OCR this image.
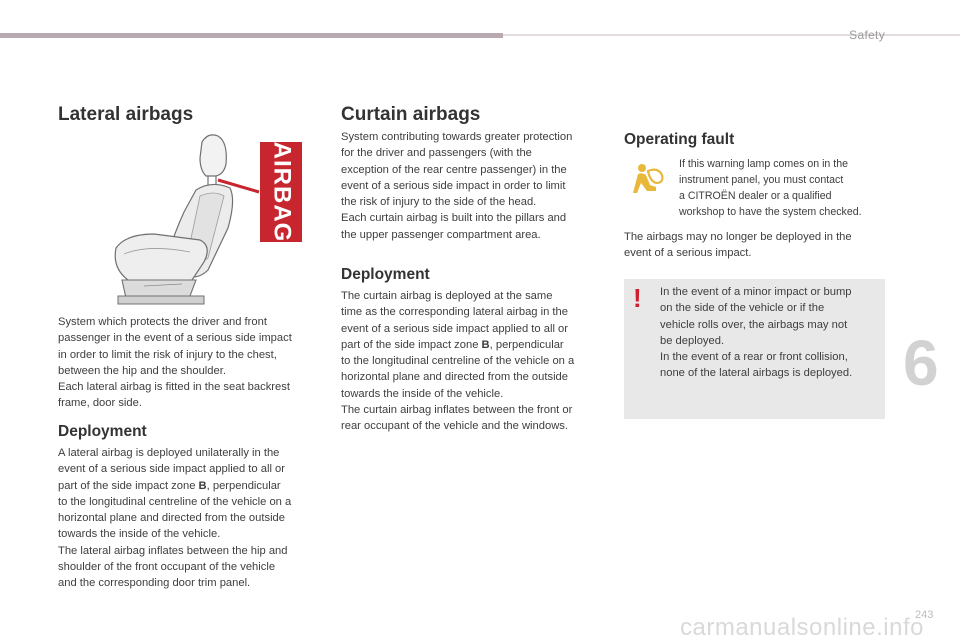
Safety
6
243
carmanualsonline.info
Lateral airbags
AIRBAG

System which protects the driver and front
passenger in the event of a serious side impact
in order to limit the risk of injury to the chest,
between the hip and the shoulder.
Each lateral airbag is fitted in the seat backrest
frame, door side.

Deployment

A lateral airbag is deployed unilaterally in the
event of a serious side impact applied to all or
part of the side impact zone B, perpendicular
to the longitudinal centreline of the vehicle on a
horizontal plane and directed from the outside
towards the inside of the vehicle.
The lateral airbag inflates between the hip and
shoulder of the front occupant of the vehicle
and the corresponding door trim panel.

Curtain airbags

System contributing towards greater protection
for the driver and passengers (with the
exception of the rear centre passenger) in the
event of a serious side impact in order to limit
the risk of injury to the side of the head.
Each curtain airbag is built into the pillars and
the upper passenger compartment area.

Deployment

The curtain airbag is deployed at the same
time as the corresponding lateral airbag in the
event of a serious side impact applied to all or
part of the side impact zone B, perpendicular
to the longitudinal centreline of the vehicle on a
horizontal plane and directed from the outside
towards the inside of the vehicle.
The curtain airbag inflates between the front or
rear occupant of the vehicle and the windows.

Operating fault

If this warning lamp comes on in the
instrument panel, you must contact
a CITROËN dealer or a qualified
workshop to have the system checked.

The airbags may no longer be deployed in the
event of a serious impact.

! In the event of a minor impact or bump
on the side of the vehicle or if the
vehicle rolls over, the airbags may not
be deployed.
In the event of a rear or front collision,
none of the lateral airbags is deployed.
